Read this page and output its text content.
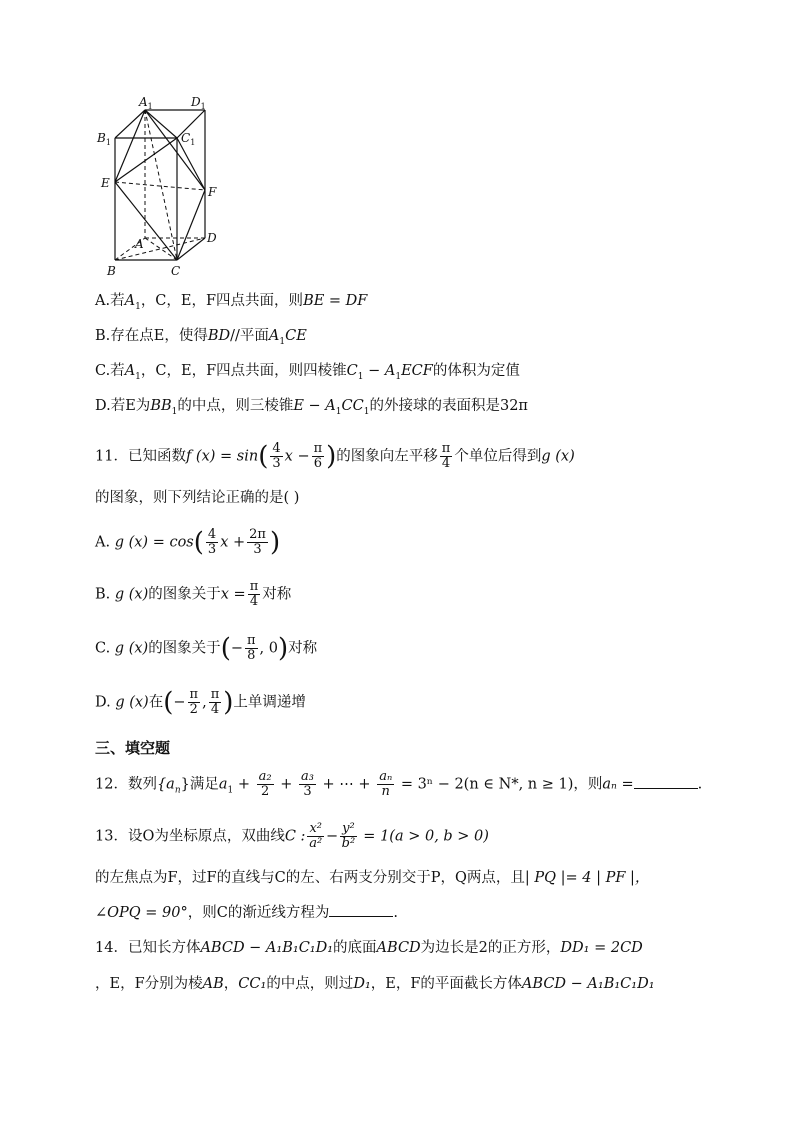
$A_1$	$D_1$
$B_1$	$C_1$
E
F
A	D
B	C
A.若$A_1$，C，E，F四点共面，则BE = DF
B.存在点E，使得BD//平面$A_1CE$
C.若$A_1$，C，E，F四点共面，则四棱锥$C_1 - A_1ECF$的体积为定值
D.若E为$BB_1$的中点，则三棱锥$E - A_1CC_1$的外接球的表面积是32π
11．已知函数f $(x) = \sin( \frac{4}{3}$ $x - \frac{\pi}{6}$ )的图象向左平移 $\frac{\pi}{4}$ 个单位后得到g (x)
的图象，则下列结论正确的是( )
A. g $(x) = \cos( \frac{4}{3}$ $x + \frac{2\pi}{3}$ )
B. g (x)的图象关于$x = \frac{\pi}{4}$ 对称
C. g (x)的图象关于(− $\frac{\pi}{8}$ , 0)对称
D. g (x)在(− $\frac{\pi}{2}$ , $\frac{\pi}{4}$ )上单调递增
三、填空题
12．数列$\{a_n\}$满足$a_1 + \frac{\text{a₂}}{2} + \frac{\text{a₃}}{3}$ + ⋯ + $\frac{\text{aₙ}}{n} = 3^n - 2(n$ ∈ N*, n ≥ 1)，则aₙ =	.
13．设O为坐标原点，双曲线C : $\frac{\text{x²}}{\text{a²}} - \frac{\text{y²}}{\text{b²}} = 1(a > 0$, b > 0)
的左焦点为F，过F的直线与C的左、右两支分别交于P，Q两点，且| PQ |= 4 | PF |，
∠OPQ = 90°，则C的渐近线方程为	.
14．已知长方体ABCD − A₁B₁C₁D₁的底面ABCD为边长是2的正方形，DD₁ = 2CD
，E，F分别为棱AB，CC₁的中点，则过D₁，E，F的平面截长方体ABCD − A₁B₁C₁D₁
